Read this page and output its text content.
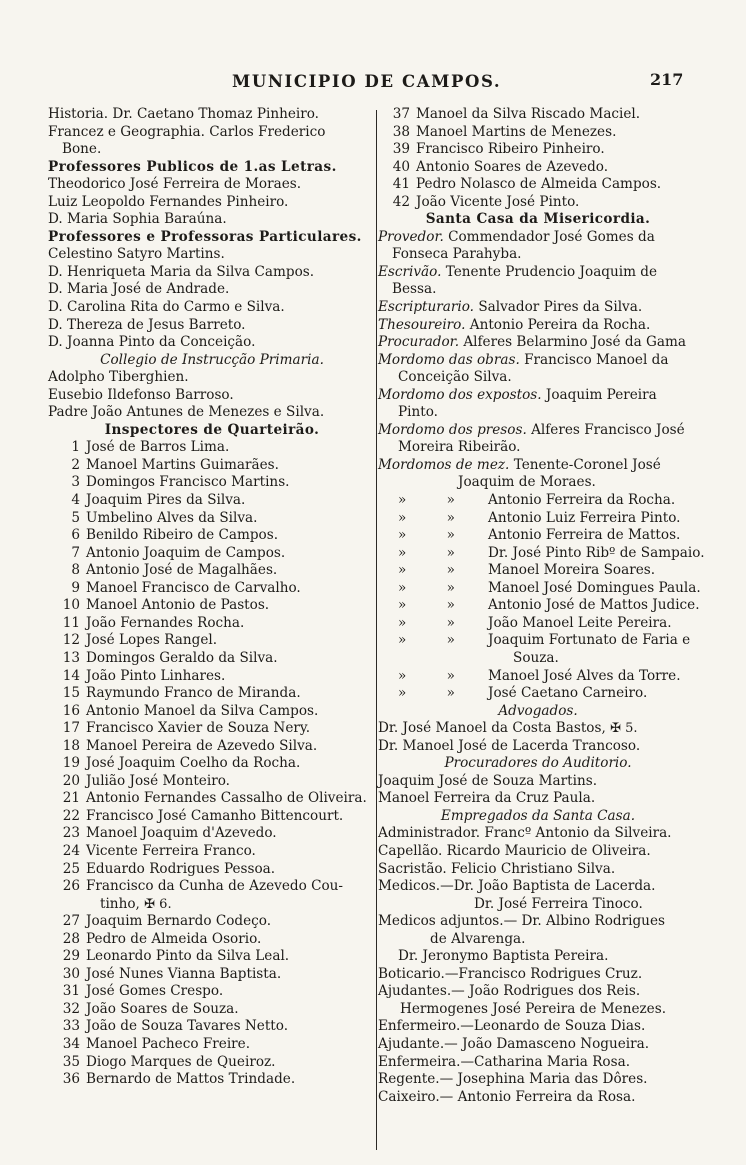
MUNICIPIO DE CAMPOS.	217
Historia. Dr. Caetano Thomaz Pinheiro.
Francez e Geographia. Carlos Frederico
Bone.
Professores Publicos de 1.as Letras.
Theodorico José Ferreira de Moraes.
Luiz Leopoldo Fernandes Pinheiro.
D. Maria Sophia Baraúna.
Professores e Professoras Particulares.
Celestino Satyro Martins.
D. Henriqueta Maria da Silva Campos.
D. Maria José de Andrade.
D. Carolina Rita do Carmo e Silva.
D. Thereza de Jesus Barreto.
D. Joanna Pinto da Conceição.
Collegio de Instrucção Primaria.
Adolpho Tiberghien.
Eusebio Ildefonso Barroso.
Padre João Antunes de Menezes e Silva.
Inspectores de Quarteirão.
1 José de Barros Lima.
2 Manoel Martins Guimarães.
3 Domingos Francisco Martins.
4 Joaquim Pires da Silva.
5 Umbelino Alves da Silva.
6 Benildo Ribeiro de Campos.
7 Antonio Joaquim de Campos.
8 Antonio José de Magalhães.
9 Manoel Francisco de Carvalho.
10 Manoel Antonio de Pastos.
11 João Fernandes Rocha.
12 José Lopes Rangel.
13 Domingos Geraldo da Silva.
14 João Pinto Linhares.
15 Raymundo Franco de Miranda.
16 Antonio Manoel da Silva Campos.
17 Francisco Xavier de Souza Nery.
18 Manoel Pereira de Azevedo Silva.
19 José Joaquim Coelho da Rocha.
20 Julião José Monteiro.
21 Antonio Fernandes Cassalho de Oliveira.
22 Francisco José Camanho Bittencourt.
23 Manoel Joaquim d'Azevedo.
24 Vicente Ferreira Franco.
25 Eduardo Rodrigues Pessoa.
26 Francisco da Cunha de Azevedo Cou-
tinho, ✠ 6.
27 Joaquim Bernardo Codeço.
28 Pedro de Almeida Osorio.
29 Leonardo Pinto da Silva Leal.
30 José Nunes Vianna Baptista.
31 José Gomes Crespo.
32 João Soares de Souza.
33 João de Souza Tavares Netto.
34 Manoel Pacheco Freire.
35 Diogo Marques de Queiroz.
36 Bernardo de Mattos Trindade.
37 Manoel da Silva Riscado Maciel.
38 Manoel Martins de Menezes.
39 Francisco Ribeiro Pinheiro.
40 Antonio Soares de Azevedo.
41 Pedro Nolasco de Almeida Campos.
42 João Vicente José Pinto.
Santa Casa da Misericordia.
Provedor. Commendador José Gomes da
Fonseca Parahyba.
Escrivão. Tenente Prudencio Joaquim de
Bessa.
Escripturario. Salvador Pires da Silva.
Thesoureiro. Antonio Pereira da Rocha.
Procurador. Alferes Belarmino José da Gama
Mordomo das obras. Francisco Manoel da
Conceição Silva.
Mordomo dos expostos. Joaquim Pereira
Pinto.
Mordomo dos presos. Alferes Francisco José
Moreira Ribeirão.
Mordomos de mez. Tenente-Coronel José
Joaquim de Moraes.
» » Antonio Ferreira da Rocha.
» » Antonio Luiz Ferreira Pinto.
» » Antonio Ferreira de Mattos.
» » Dr. José Pinto Ribº de Sampaio.
» » Manoel Moreira Soares.
» » Manoel José Domingues Paula.
» » Antonio José de Mattos Judice.
» » João Manoel Leite Pereira.
» » Joaquim Fortunato de Faria e
Souza.
» » Manoel José Alves da Torre.
» » José Caetano Carneiro.
Advogados.
Dr. José Manoel da Costa Bastos, ✠ 5.
Dr. Manoel José de Lacerda Trancoso.
Procuradores do Auditorio.
Joaquim José de Souza Martins.
Manoel Ferreira da Cruz Paula.
Empregados da Santa Casa.
Administrador. Francº Antonio da Silveira.
Capellão. Ricardo Mauricio de Oliveira.
Sacristão. Felicio Christiano Silva.
Medicos.—Dr. João Baptista de Lacerda.
Dr. José Ferreira Tinoco.
Medicos adjuntos.— Dr. Albino Rodrigues
de Alvarenga.
Dr. Jeronymo Baptista Pereira.
Boticario.—Francisco Rodrigues Cruz.
Ajudantes.— João Rodrigues dos Reis.
Hermogenes José Pereira de Menezes.
Enfermeiro.—Leonardo de Souza Dias.
Ajudante.— João Damasceno Nogueira.
Enfermeira.—Catharina Maria Rosa.
Regente.— Josephina Maria das Dôres.
Caixeiro.— Antonio Ferreira da Rosa.
